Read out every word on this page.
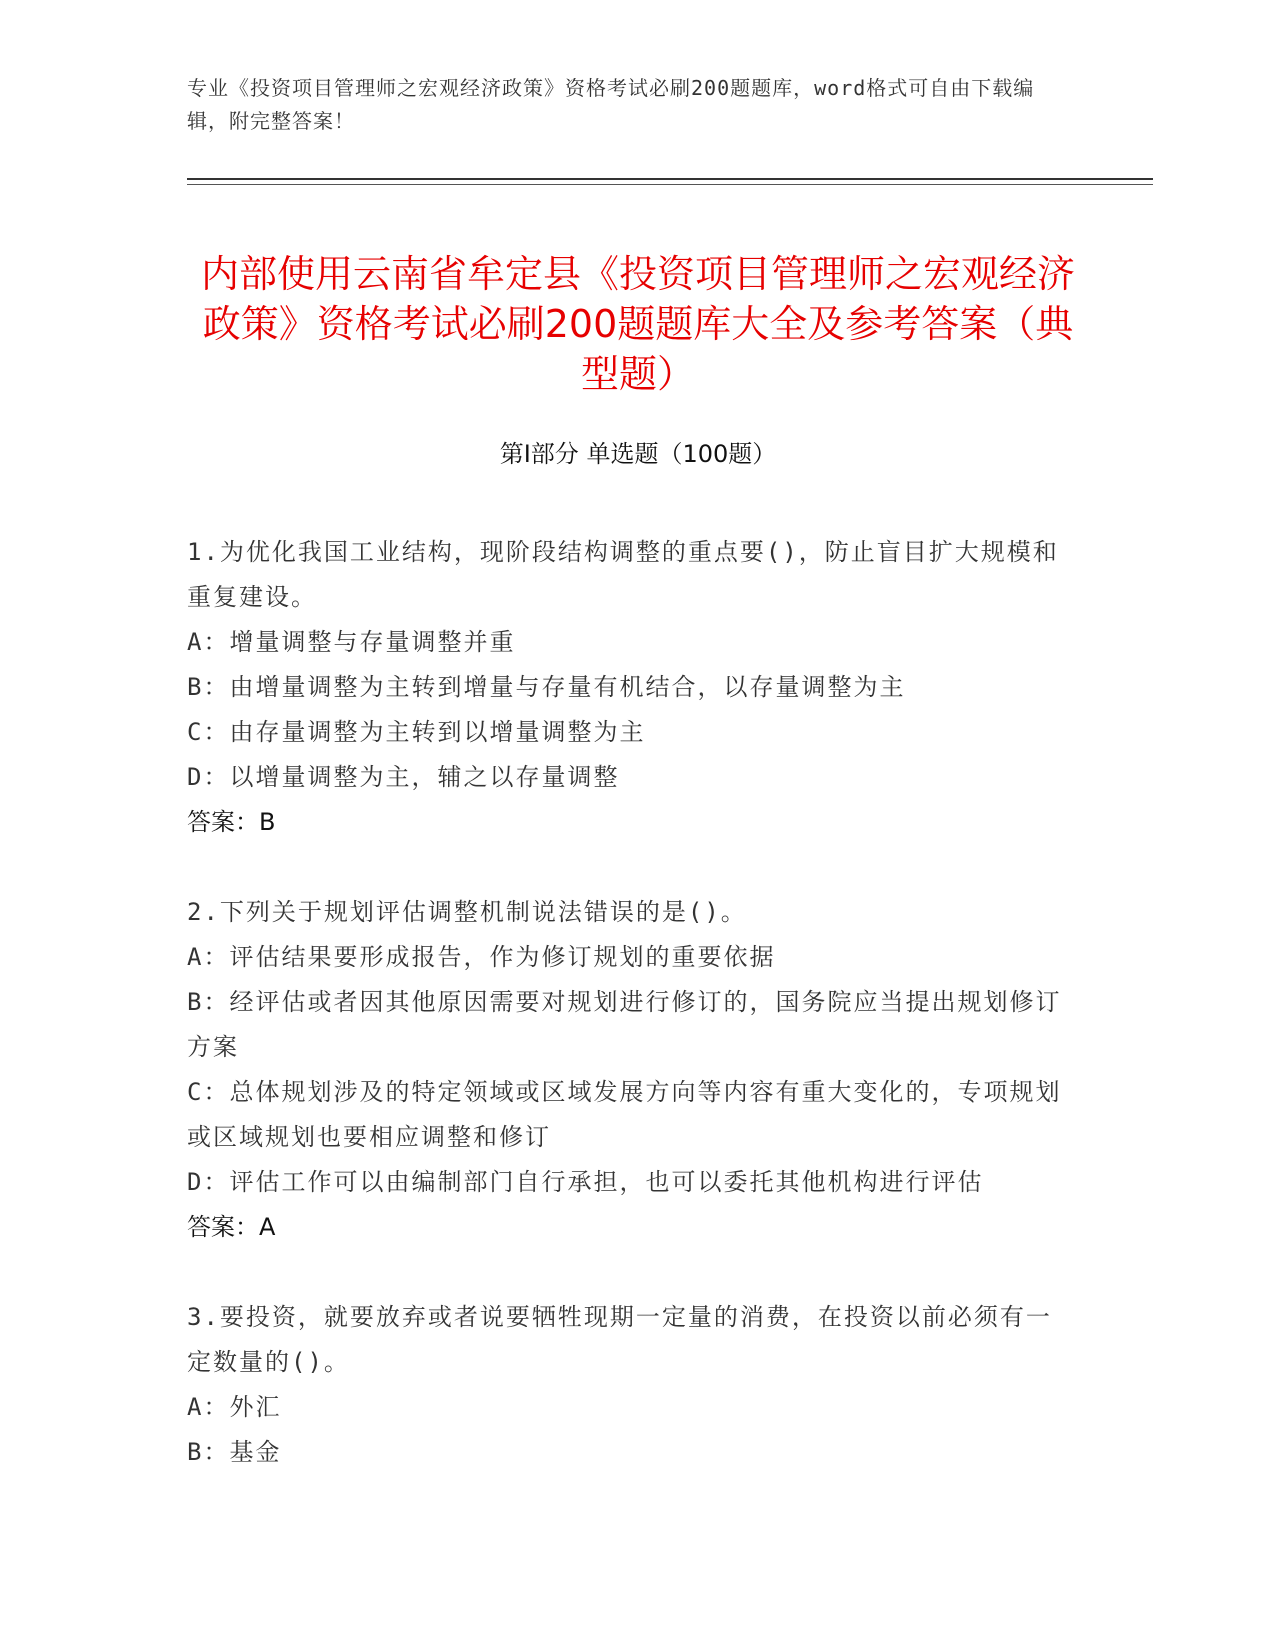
专业《投资项目管理师之宏观经济政策》资格考试必刷200题题库，word格式可自由下载编辑，附完整答案！
内部使用云南省牟定县《投资项目管理师之宏观经济政策》资格考试必刷200题题库大全及参考答案（典型题）
第Ⅰ部分 单选题（100题）

1.为优化我国工业结构，现阶段结构调整的重点要()，防止盲目扩大规模和重复建设。

A：增量调整与存量调整并重

B：由增量调整为主转到增量与存量有机结合，以存量调整为主

C：由存量调整为主转到以增量调整为主

D：以增量调整为主，辅之以存量调整

答案：B

2.下列关于规划评估调整机制说法错误的是()。

A：评估结果要形成报告，作为修订规划的重要依据

B：经评估或者因其他原因需要对规划进行修订的，国务院应当提出规划修订方案

C：总体规划涉及的特定领域或区域发展方向等内容有重大变化的，专项规划或区域规划也要相应调整和修订

D：评估工作可以由编制部门自行承担，也可以委托其他机构进行评估

答案：A

3.要投资，就要放弃或者说要牺牲现期一定量的消费，在投资以前必须有一定数量的()。

A：外汇

B：基金
